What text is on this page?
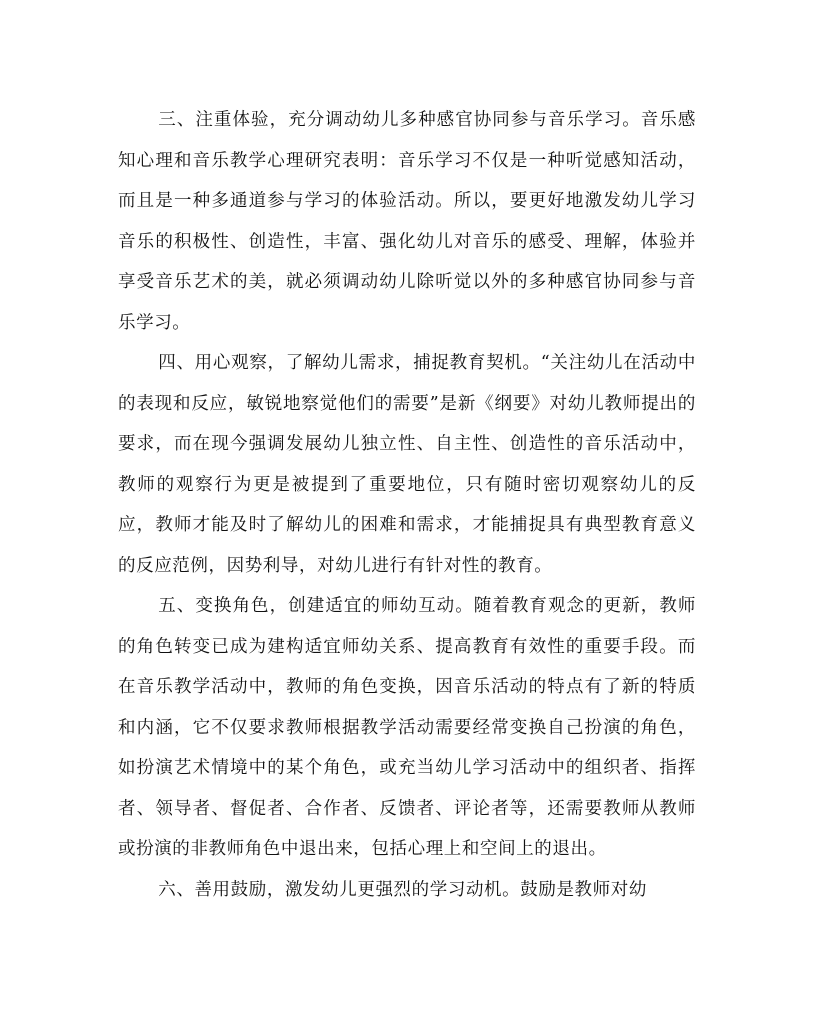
三、注重体验，充分调动幼儿多种感官协同参与音乐学习。音乐感知心理和音乐教学心理研究表明：音乐学习不仅是一种听觉感知活动，而且是一种多通道参与学习的体验活动。所以，要更好地激发幼儿学习音乐的积极性、创造性，丰富、强化幼儿对音乐的感受、理解，体验并享受音乐艺术的美，就必须调动幼儿除听觉以外的多种感官协同参与音乐学习。

四、用心观察，了解幼儿需求，捕捉教育契机。“关注幼儿在活动中的表现和反应，敏锐地察觉他们的需要”是新《纲要》对幼儿教师提出的要求，而在现今强调发展幼儿独立性、自主性、创造性的音乐活动中，教师的观察行为更是被提到了重要地位，只有随时密切观察幼儿的反应，教师才能及时了解幼儿的困难和需求，才能捕捉具有典型教育意义的反应范例，因势利导，对幼儿进行有针对性的教育。

五、变换角色，创建适宜的师幼互动。随着教育观念的更新，教师的角色转变已成为建构适宜师幼关系、提高教育有效性的重要手段。而在音乐教学活动中，教师的角色变换，因音乐活动的特点有了新的特质和内涵，它不仅要求教师根据教学活动需要经常变换自己扮演的角色，如扮演艺术情境中的某个角色，或充当幼儿学习活动中的组织者、指挥者、领导者、督促者、合作者、反馈者、评论者等，还需要教师从教师或扮演的非教师角色中退出来，包括心理上和空间上的退出。

六、善用鼓励，激发幼儿更强烈的学习动机。鼓励是教师对幼
